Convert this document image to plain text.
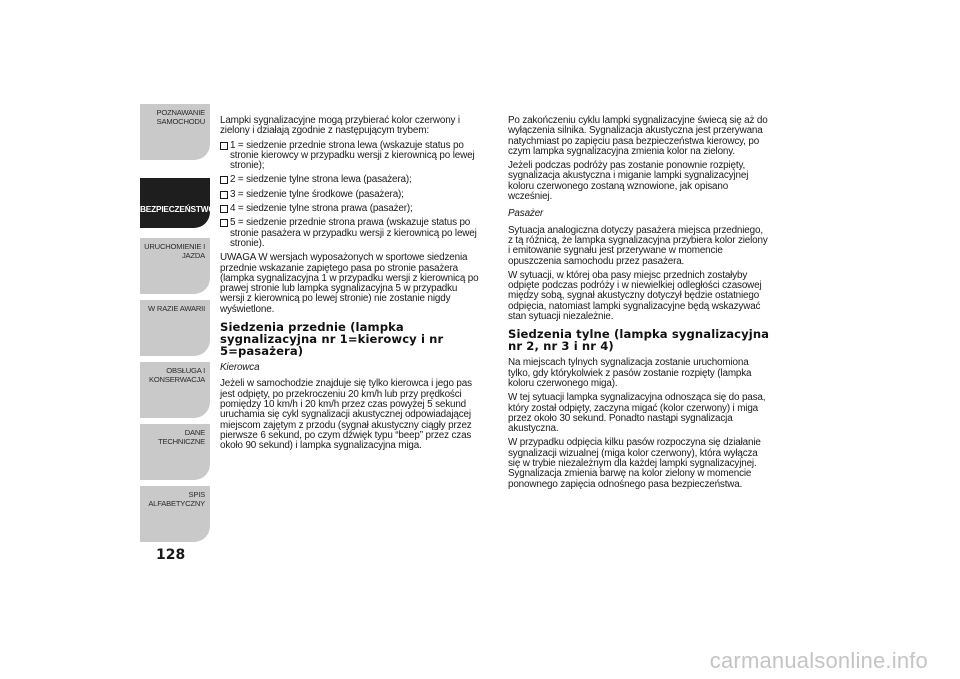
POZNAWANIE
SAMOCHODU
BEZPIECZEŃSTWO
URUCHOMIENIE I
JAZDA
W RAZIE AWARII
OBSŁUGA I
KONSERWACJA
DANE TECHNICZNE
SPIS ALFABETYCZNY
128

Lampki sygnalizacyjne mogą przybierać kolor czerwony i zielony i działają zgodnie z następującym trybem:

1 = siedzenie przednie strona lewa (wskazuje status po stronie kierowcy w przypadku wersji z kierownicą po lewej stronie);
2 = siedzenie tylne strona lewa (pasażera);
3 = siedzenie tylne środkowe (pasażera);
4 = siedzenie tylne strona prawa (pasażer);
5 = siedzenie przednie strona prawa (wskazuje status po stronie pasażera w przypadku wersji z kierownicą po lewej stronie).

UWAGA W wersjach wyposażonych w sportowe siedzenia przednie wskazanie zapiętego pasa po stronie pasażera (lampka sygnalizacyjna 1 w przypadku wersji z kierownicą po prawej stronie lub lampka sygnalizacyjna 5 w przypadku wersji z kierownicą po lewej stronie) nie zostanie nigdy wyświetlone.

Siedzenia przednie (lampka sygnalizacyjna nr 1=kierowcy i nr 5=pasażera)
Kierowca

Jeżeli w samochodzie znajduje się tylko kierowca i jego pas jest odpięty, po przekroczeniu 20 km/h lub przy prędkości pomiędzy 10 km/h i 20 km/h przez czas powyżej 5 sekund uruchamia się cykl sygnalizacji akustycznej odpowiadającej miejscom zajętym z przodu (sygnał akustyczny ciągły przez pierwsze 6 sekund, po czym dźwięk typu “beep” przez czas około 90 sekund) i lampka sygnalizacyjna miga.

Po zakończeniu cyklu lampki sygnalizacyjne świecą się aż do wyłączenia silnika. Sygnalizacja akustyczna jest przerywana natychmiast po zapięciu pasa bezpieczeństwa kierowcy, po czym lampka sygnalizacyjna zmienia kolor na zielony.

Jeżeli podczas podróży pas zostanie ponownie rozpięty, sygnalizacja akustyczna i miganie lampki sygnalizacyjnej koloru czerwonego zostaną wznowione, jak opisano wcześniej.

Pasażer

Sytuacja analogiczna dotyczy pasażera miejsca przedniego, z tą różnicą, że lampka sygnalizacyjna przybiera kolor zielony i emitowanie sygnału jest przerywane w momencie opuszczenia samochodu przez pasażera.

W sytuacji, w której oba pasy miejsc przednich zostałyby odpięte podczas podróży i w niewielkiej odległości czasowej między sobą, sygnał akustyczny dotyczył będzie ostatniego odpięcia, natomiast lampki sygnalizacyjne będą wskazywać stan sytuacji niezależnie.

Siedzenia tylne (lampka sygnalizacyjna nr 2, nr 3 i nr 4)

Na miejscach tylnych sygnalizacja zostanie uruchomiona tylko, gdy którykolwiek z pasów zostanie rozpięty (lampka koloru czerwonego miga).

W tej sytuacji lampka sygnalizacyjna odnosząca się do pasa, który został odpięty, zaczyna migać (kolor czerwony) i miga przez około 30 sekund. Ponadto nastąpi sygnalizacja akustyczna.

W przypadku odpięcia kilku pasów rozpoczyna się działanie sygnalizacji wizualnej (miga kolor czerwony), która wyłącza się w trybie niezależnym dla każdej lampki sygnalizacyjnej. Sygnalizacja zmienia barwę na kolor zielony w momencie ponownego zapięcia odnośnego pasa bezpieczeństwa.

carmanualsonline.info
